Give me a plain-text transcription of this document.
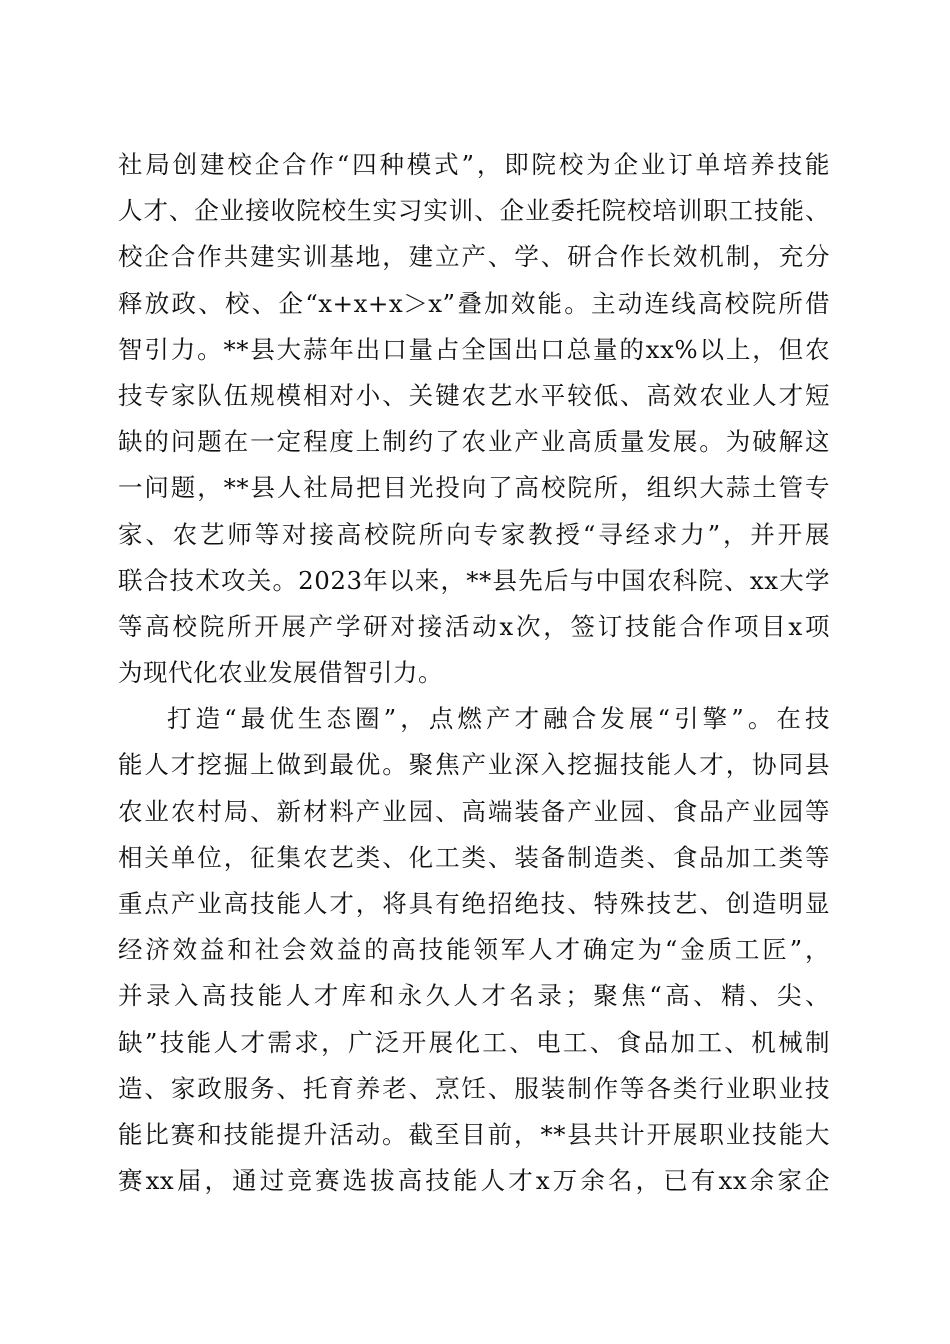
社局创建校企合作“四种模式”，即院校为企业订单培养技能
人才、企业接收院校生实习实训、企业委托院校培训职工技能、
校企合作共建实训基地，建立产、学、研合作长效机制，充分
释放政、校、企“x+x+x＞x”叠加效能。主动连线高校院所借
智引力。**县大蒜年出口量占全国出口总量的xx%以上，但农
技专家队伍规模相对小、关键农艺水平较低、高效农业人才短
缺的问题在一定程度上制约了农业产业高质量发展。为破解这
一问题，**县人社局把目光投向了高校院所，组织大蒜土管专
家、农艺师等对接高校院所向专家教授“寻经求力”，并开展
联合技术攻关。2023年以来，**县先后与中国农科院、xx大学
等高校院所开展产学研对接活动x次，签订技能合作项目x项
为现代化农业发展借智引力。
打造“最优生态圈”，点燃产才融合发展“引擎”。在技
能人才挖掘上做到最优。聚焦产业深入挖掘技能人才，协同县
农业农村局、新材料产业园、高端装备产业园、食品产业园等
相关单位，征集农艺类、化工类、装备制造类、食品加工类等
重点产业高技能人才，将具有绝招绝技、特殊技艺、创造明显
经济效益和社会效益的高技能领军人才确定为“金质工匠”，
并录入高技能人才库和永久人才名录；聚焦“高、精、尖、
缺”技能人才需求，广泛开展化工、电工、食品加工、机械制
造、家政服务、托育养老、烹饪、服装制作等各类行业职业技
能比赛和技能提升活动。截至目前，**县共计开展职业技能大
赛xx届，通过竞赛选拔高技能人才x万余名，已有xx余家企
